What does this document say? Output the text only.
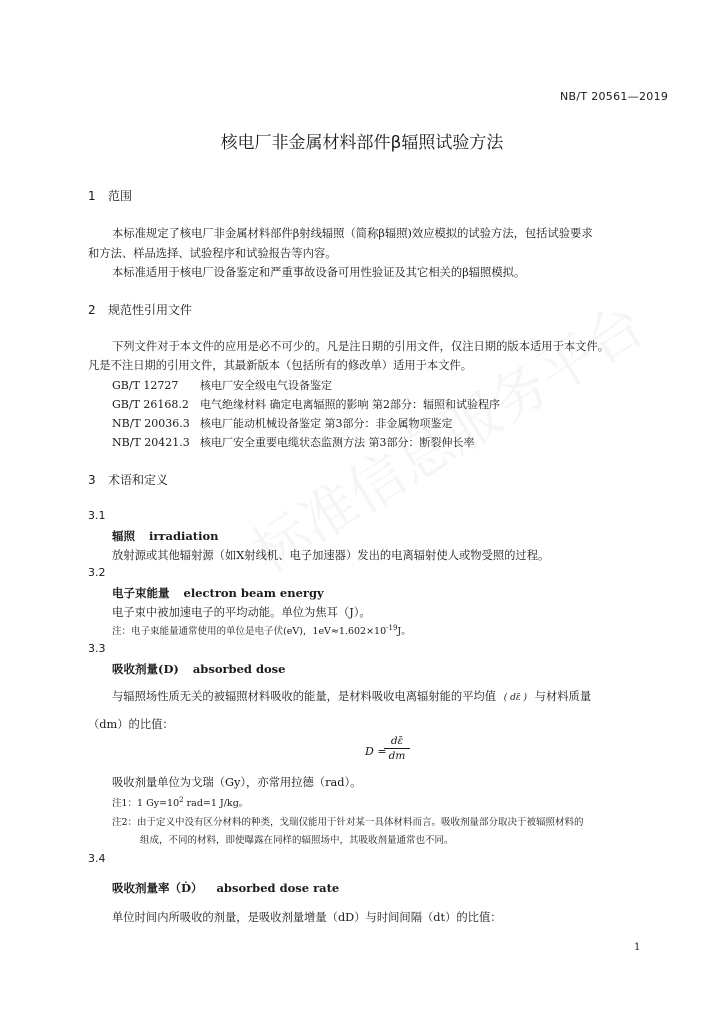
NB/T 20561—2019
核电厂非金属材料部件β辐照试验方法
1 范围
本标准规定了核电厂非金属材料部件β射线辐照（简称β辐照)效应模拟的试验方法，包括试验要求
和方法、样品选择、试验程序和试验报告等内容。
本标准适用于核电厂设备鉴定和严重事故设备可用性验证及其它相关的β辐照模拟。
2 规范性引用文件
下列文件对于本文件的应用是必不可少的。凡是注日期的引用文件，仅注日期的版本适用于本文件。
凡是不注日期的引用文件，其最新版本（包括所有的修改单）适用于本文件。
GB/T 12727 核电厂安全级电气设备鉴定
GB/T 26168.2 电气绝缘材料 确定电离辐照的影响 第2部分：辐照和试验程序
NB/T 20036.3 核电厂能动机械设备鉴定 第3部分：非金属物项鉴定
NB/T 20421.3 核电厂安全重要电缆状态监测方法 第3部分：断裂伸长率
3 术语和定义
3.1
辐照 irradiation
放射源或其他辐射源（如X射线机、电子加速器）发出的电离辐射使人或物受照的过程。
3.2
电子束能量 electron beam energy
电子束中被加速电子的平均动能。单位为焦耳（J）。
注：电子束能量通常使用的单位是电子伏(eV)，$1eV\approx 1.602\times 10^{-19}J$。
3.3
吸收剂量(D) absorbed dose
与辐照场性质无关的被辐照材料吸收的能量，是材料吸收电离辐射能的平均值 ( dε̄ ) 与材料质量
（dm）的比值：
D =
$\frac{d\varepsilon̄}{dm}$
吸收剂量单位为戈瑞（Gy），亦常用拉德（rad）。
注1：1 $Gy=10^2$ rad=1 J/kg。
注2：由于定义中没有区分材料的种类，戈瑞仅能用于针对某一具体材料而言。吸收剂量部分取决于被辐照材料的
组成，不同的材料，即使曝露在同样的辐照场中，其吸收剂量通常也不同。
3.4
吸收剂量率（Ḋ） absorbed dose rate
单位时间内所吸收的剂量，是吸收剂量增量（dD）与时间间隔（dt）的比值：
1
